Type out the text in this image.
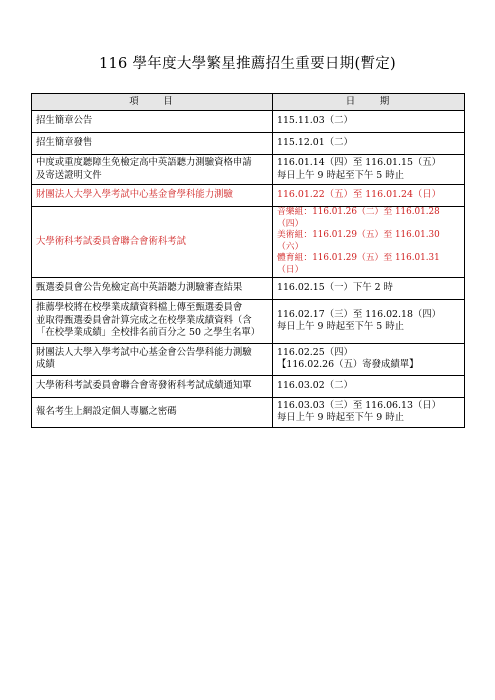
116 學年度大學繁星推薦招生重要日期(暫定)
項　　目	日　　期
招生簡章公告	115.11.03（二）
招生簡章發售	115.12.01（二）
中度或重度聽障生免檢定高中英語聽力測驗資格申請
及寄送證明文件	116.01.14（四）至 116.01.15（五）
每日上午 9 時起至下午 5 時止
財團法人大學入學考試中心基金會學科能力測驗	116.01.22（五）至 116.01.24（日）
大學術科考試委員會聯合會術科考試	音樂組：116.01.26（二）至 116.01.28（四）
美術組：116.01.29（五）至 116.01.30（六）
體育組：116.01.29（五）至 116.01.31（日）
甄選委員會公告免檢定高中英語聽力測驗審查結果	116.02.15（一）下午 2 時
推薦學校將在校學業成績資料檔上傳至甄選委員會
並取得甄選委員會計算完成之在校學業成績資料（含
「在校學業成績」全校排名前百分之 50 之學生名單）	116.02.17（三）至 116.02.18（四）
每日上午 9 時起至下午 5 時止
財團法人大學入學考試中心基金會公告學科能力測驗
成績	116.02.25（四）
【116.02.26（五）寄發成績單】
大學術科考試委員會聯合會寄發術科考試成績通知單	116.03.02（二）
報名考生上網設定個人專屬之密碼	116.03.03（三）至 116.06.13（日）
每日上午 9 時起至下午 9 時止
